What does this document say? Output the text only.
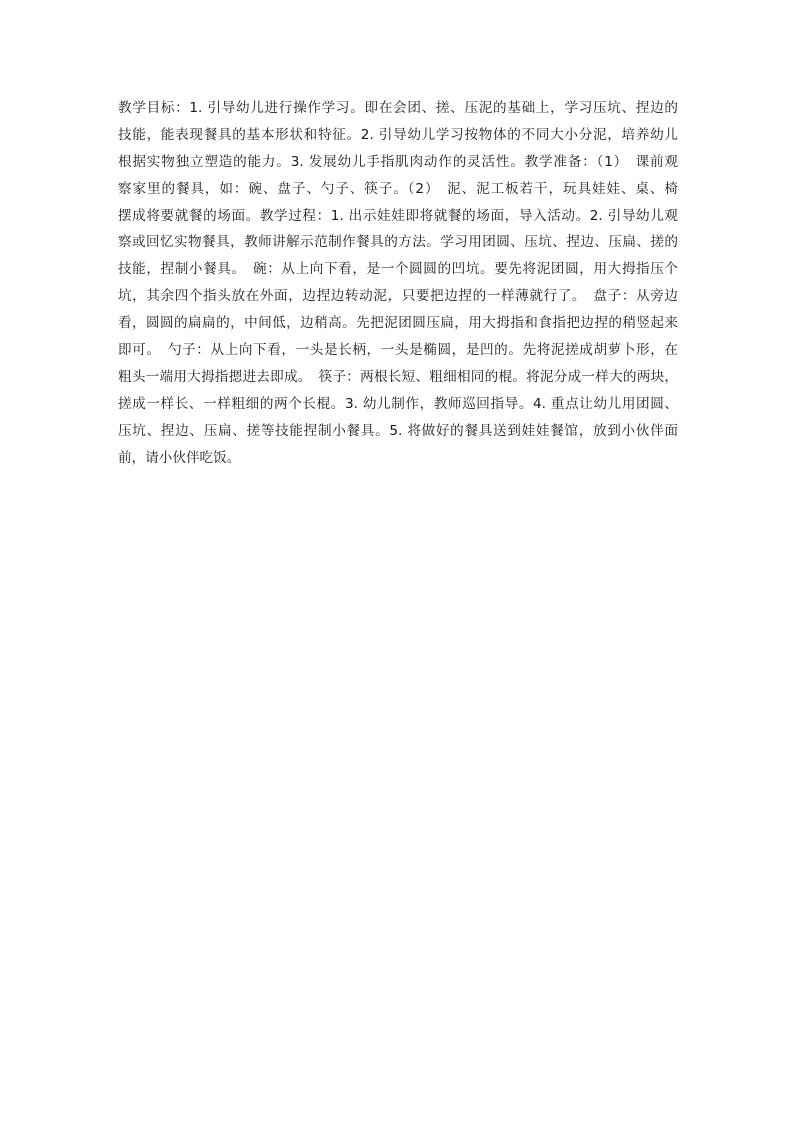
教学目标：1. 引导幼儿进行操作学习。即在会团、搓、压泥的基础上，学习压坑、捏边的
技能，能表现餐具的基本形状和特征。2. 引导幼儿学习按物体的不同大小分泥，培养幼儿
根据实物独立塑造的能力。3. 发展幼儿手指肌肉动作的灵活性。教学准备：（1）　课前观
察家里的餐具，如：碗、盘子、勺子、筷子。（2）　泥、泥工板若干，玩具娃娃、桌、椅
摆成将要就餐的场面。教学过程：1. 出示娃娃即将就餐的场面，导入活动。2. 引导幼儿观
察或回忆实物餐具，教师讲解示范制作餐具的方法。学习用团圆、压坑、捏边、压扁、搓的
技能，捏制小餐具。　碗：从上向下看，是一个圆圆的凹坑。要先将泥团圆，用大拇指压个
坑，其余四个指头放在外面，边捏边转动泥，只要把边捏的一样薄就行了。　盘子：从旁边
看，圆圆的扁扁的，中间低，边稍高。先把泥团圆压扁，用大拇指和食指把边捏的稍竖起来
即可。　勺子：从上向下看，一头是长柄，一头是椭圆，是凹的。先将泥搓成胡萝卜形，在
粗头一端用大拇指摁进去即成。　筷子：两根长短、粗细相同的棍。将泥分成一样大的两块，
搓成一样长、一样粗细的两个长棍。3. 幼儿制作，教师巡回指导。4. 重点让幼儿用团圆、
压坑、捏边、压扁、搓等技能捏制小餐具。5. 将做好的餐具送到娃娃餐馆，放到小伙伴面
前，请小伙伴吃饭。
